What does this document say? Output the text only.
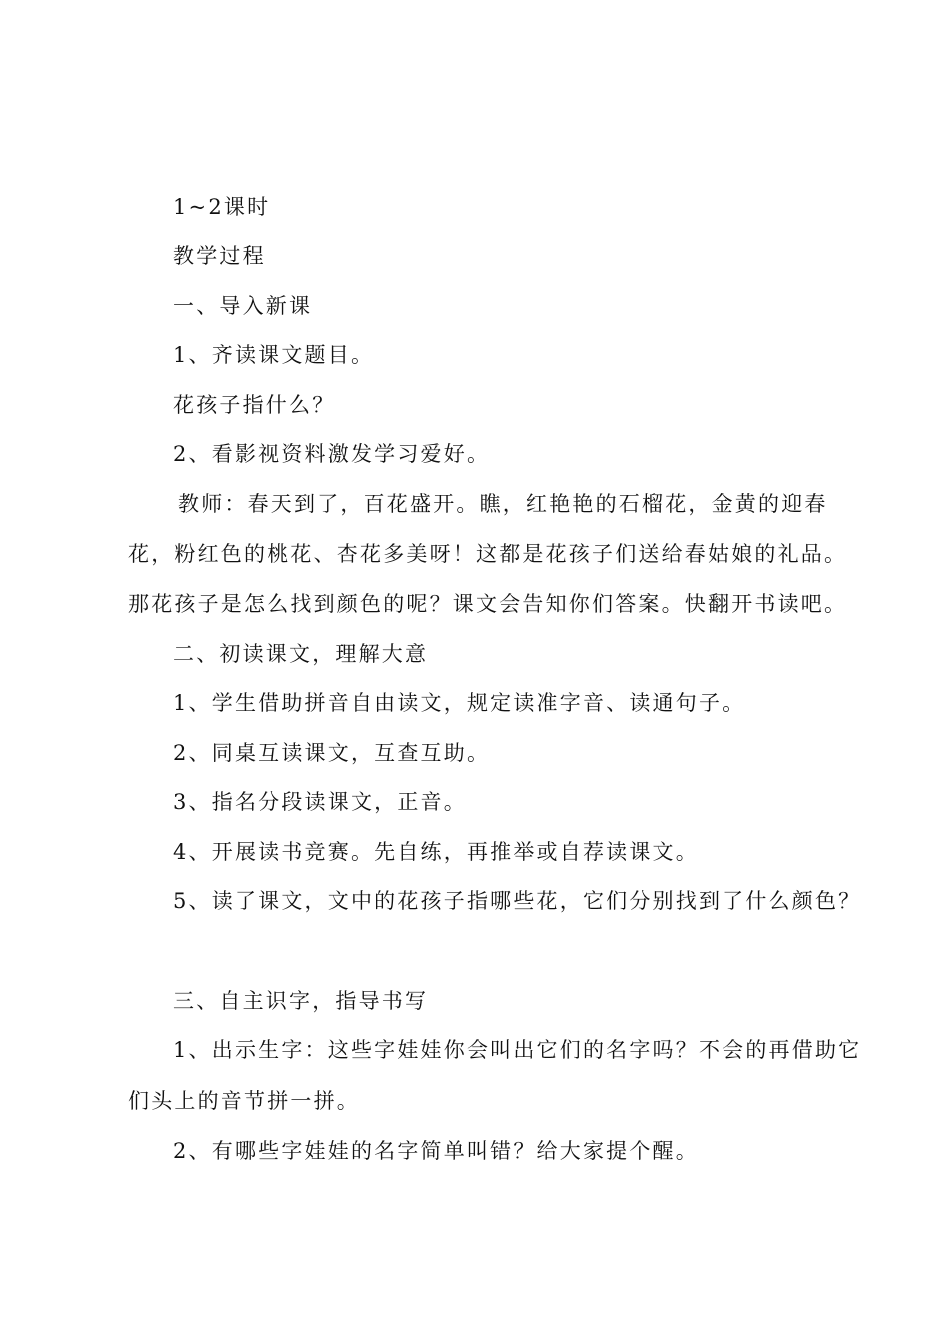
1~2课时
教学过程
一、导入新课
1、齐读课文题目。
花孩子指什么？
2、看影视资料激发学习爱好。
教师：春天到了，百花盛开。瞧，红艳艳的石榴花，金黄的迎春
花，粉红色的桃花、杏花多美呀！这都是花孩子们送给春姑娘的礼品。
那花孩子是怎么找到颜色的呢？课文会告知你们答案。快翻开书读吧。
二、初读课文，理解大意
1、学生借助拼音自由读文，规定读准字音、读通句子。
2、同桌互读课文，互查互助。
3、指名分段读课文，正音。
4、开展读书竞赛。先自练，再推举或自荐读课文。
5、读了课文，文中的花孩子指哪些花，它们分别找到了什么颜色？
三、自主识字，指导书写
1、出示生字：这些字娃娃你会叫出它们的名字吗？不会的再借助它
们头上的音节拼一拼。
2、有哪些字娃娃的名字简单叫错？给大家提个醒。
